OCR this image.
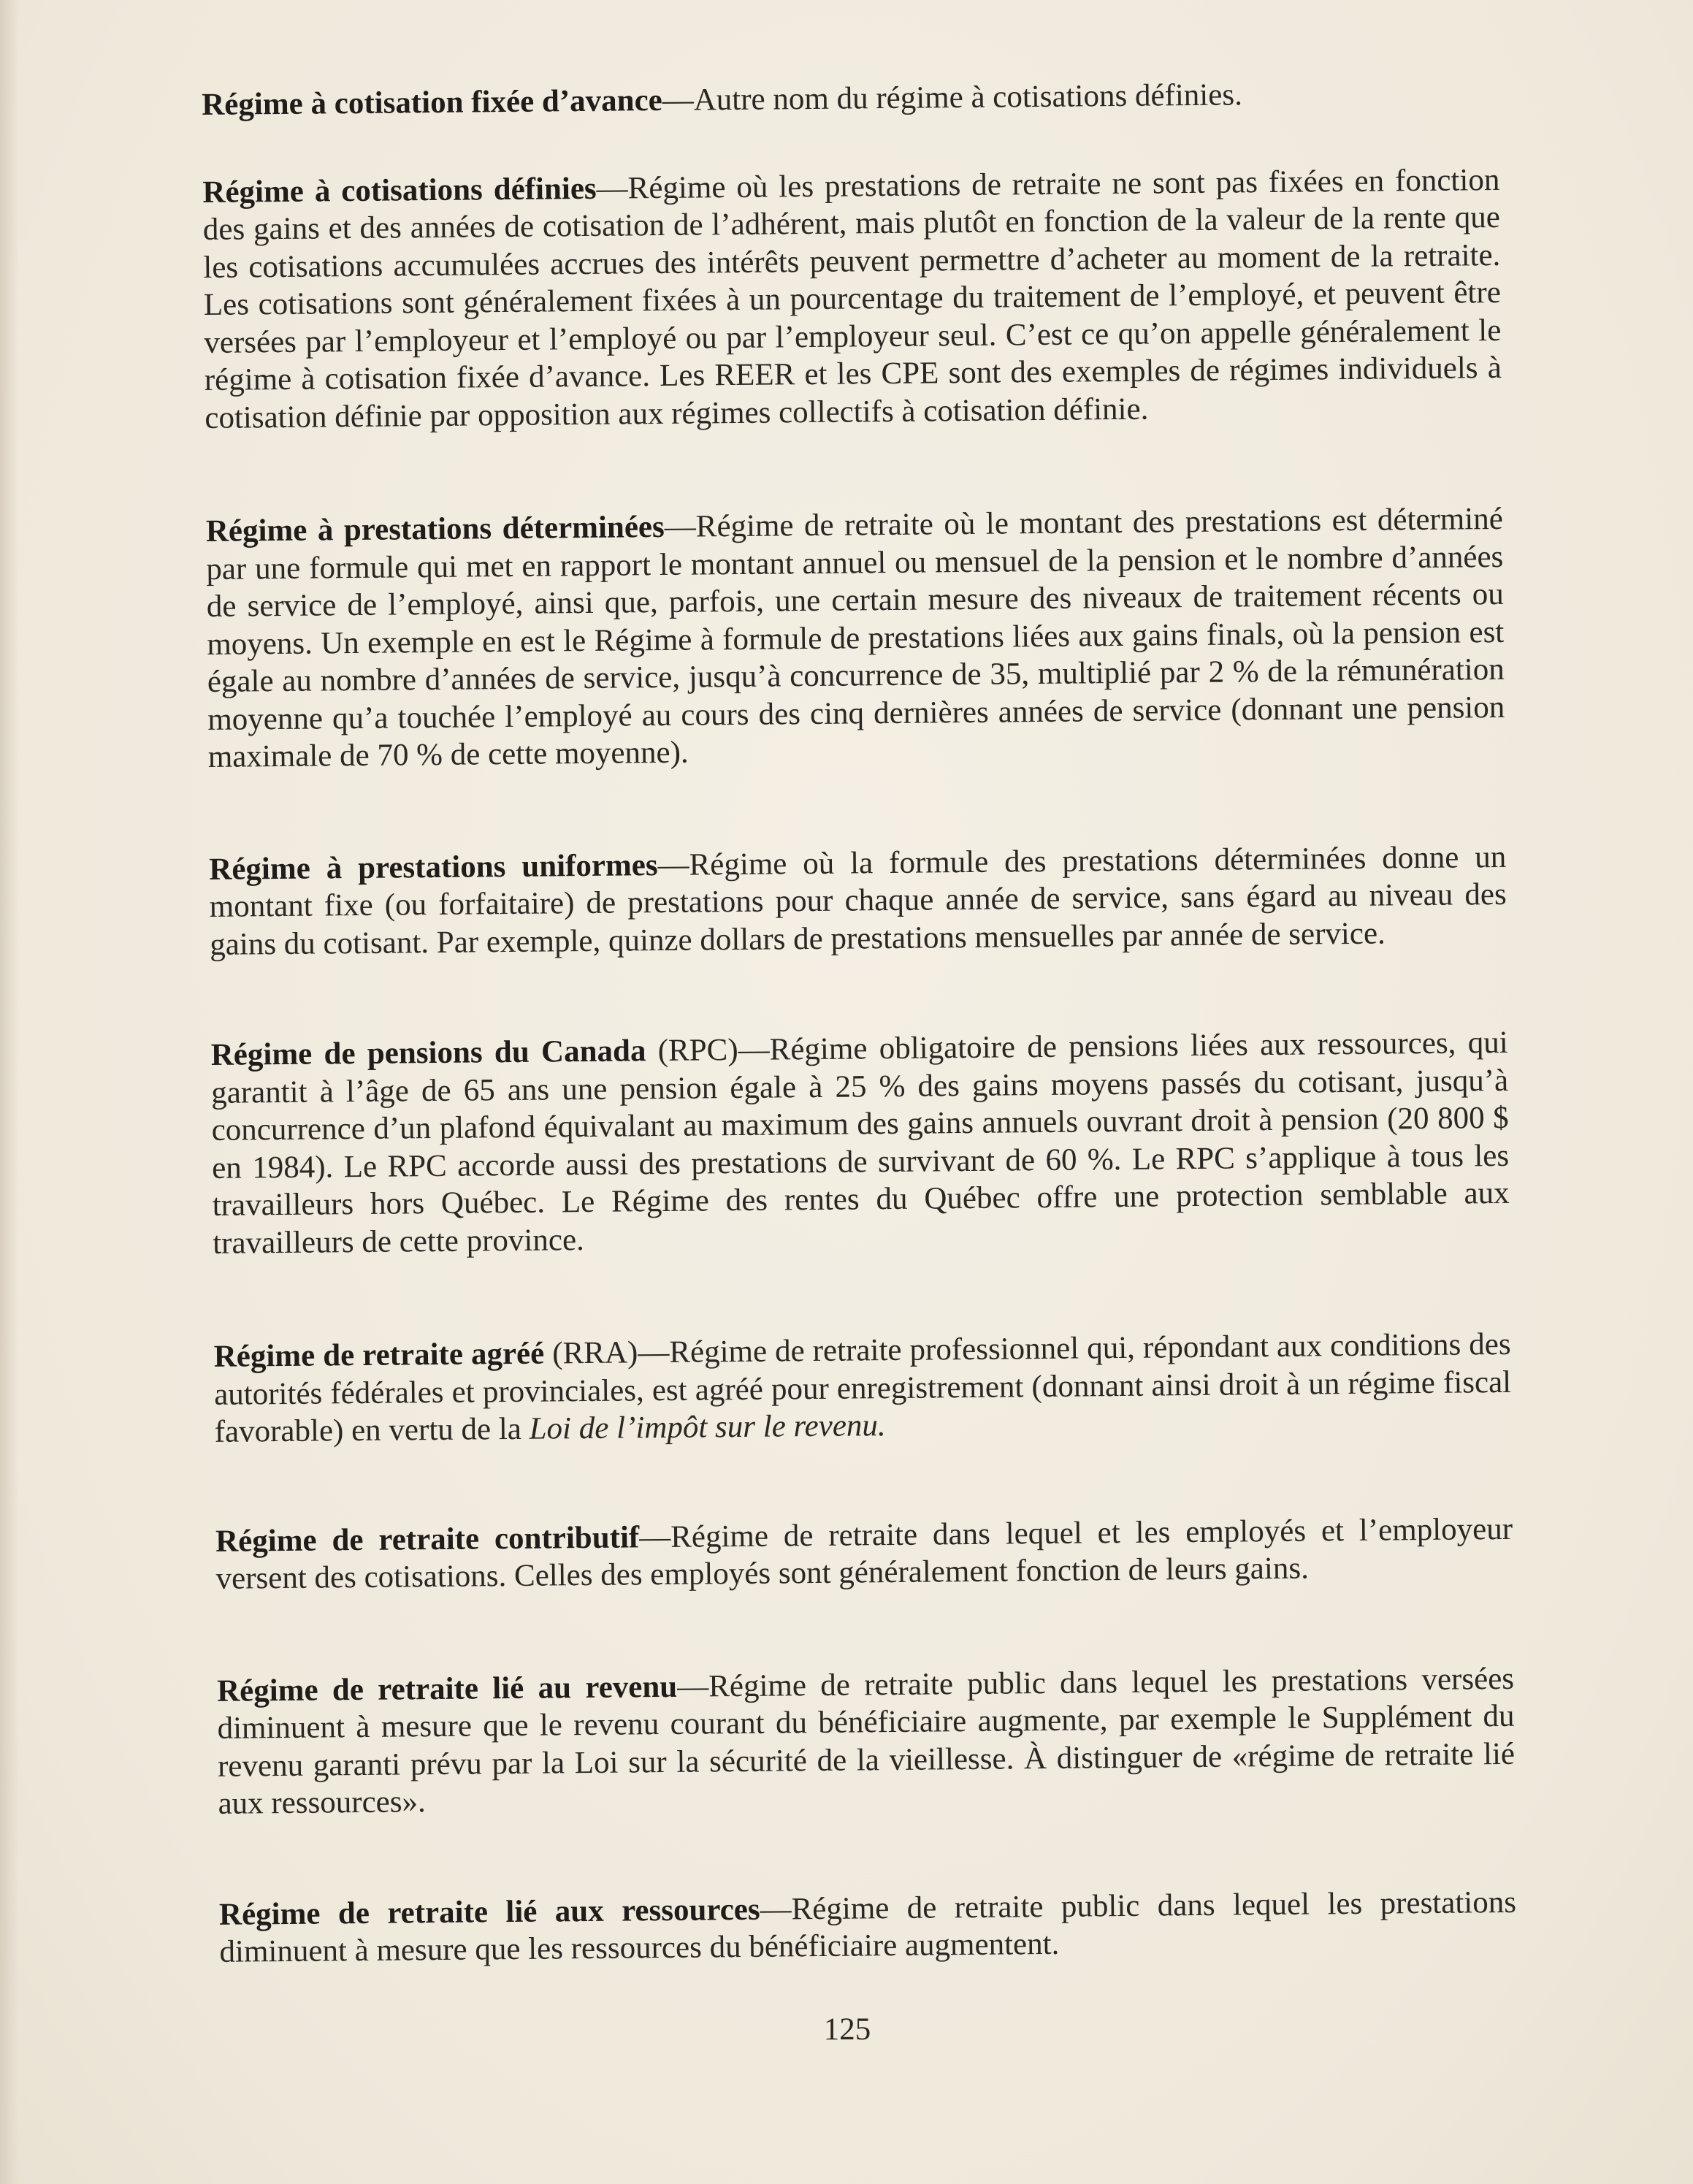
Régime à cotisation fixée d’avance—Autre nom du régime à cotisations définies.

Régime à cotisations définies—Régime où les prestations de retraite ne sont pas fixées en fonction des gains et des années de cotisation de l’adhérent, mais plutôt en fonction de la valeur de la rente que les cotisations accumulées accrues des intérêts peuvent permettre d’acheter au moment de la retraite. Les cotisations sont généralement fixées à un pourcentage du traitement de l’employé, et peuvent être versées par l’employeur et l’employé ou par l’employeur seul. C’est ce qu’on appelle généralement le régime à cotisation fixée d’avance. Les REER et les CPE sont des exemples de régimes individuels à cotisation définie par opposition aux régimes collectifs à cotisation définie.

Régime à prestations déterminées—Régime de retraite où le montant des prestations est déterminé par une formule qui met en rapport le montant annuel ou mensuel de la pension et le nombre d’années de service de l’employé, ainsi que, parfois, une certain mesure des niveaux de traitement récents ou moyens. Un exemple en est le Régime à formule de prestations liées aux gains finals, où la pension est égale au nombre d’années de service, jusqu’à concurrence de 35, multiplié par 2 % de la rémunération moyenne qu’a touchée l’employé au cours des cinq dernières années de service (donnant une pension maximale de 70 % de cette moyenne).

Régime à prestations uniformes—Régime où la formule des prestations déterminées donne un montant fixe (ou forfaitaire) de prestations pour chaque année de service, sans égard au niveau des gains du cotisant. Par exemple, quinze dollars de prestations mensuelles par année de service.

Régime de pensions du Canada (RPC)—Régime obligatoire de pensions liées aux ressources, qui garantit à l’âge de 65 ans une pension égale à 25 % des gains moyens passés du cotisant, jusqu’à concurrence d’un plafond équivalant au maximum des gains annuels ouvrant droit à pension (20 800 $ en 1984). Le RPC accorde aussi des prestations de survivant de 60 %. Le RPC s’applique à tous les travailleurs hors Québec. Le Régime des rentes du Québec offre une protection semblable aux travailleurs de cette province.

Régime de retraite agréé (RRA)—Régime de retraite professionnel qui, répondant aux conditions des autorités fédérales et provinciales, est agréé pour enregistrement (donnant ainsi droit à un régime fiscal favorable) en vertu de la Loi de l’impôt sur le revenu.

Régime de retraite contributif—Régime de retraite dans lequel et les employés et l’employeur versent des cotisations. Celles des employés sont généralement fonction de leurs gains.

Régime de retraite lié au revenu—Régime de retraite public dans lequel les prestations versées diminuent à mesure que le revenu courant du bénéficiaire augmente, par exemple le Supplément du revenu garanti prévu par la Loi sur la sécurité de la vieillesse. À distinguer de «régime de retraite lié aux ressources».

Régime de retraite lié aux ressources—Régime de retraite public dans lequel les prestations diminuent à mesure que les ressources du bénéficiaire augmentent.

125
